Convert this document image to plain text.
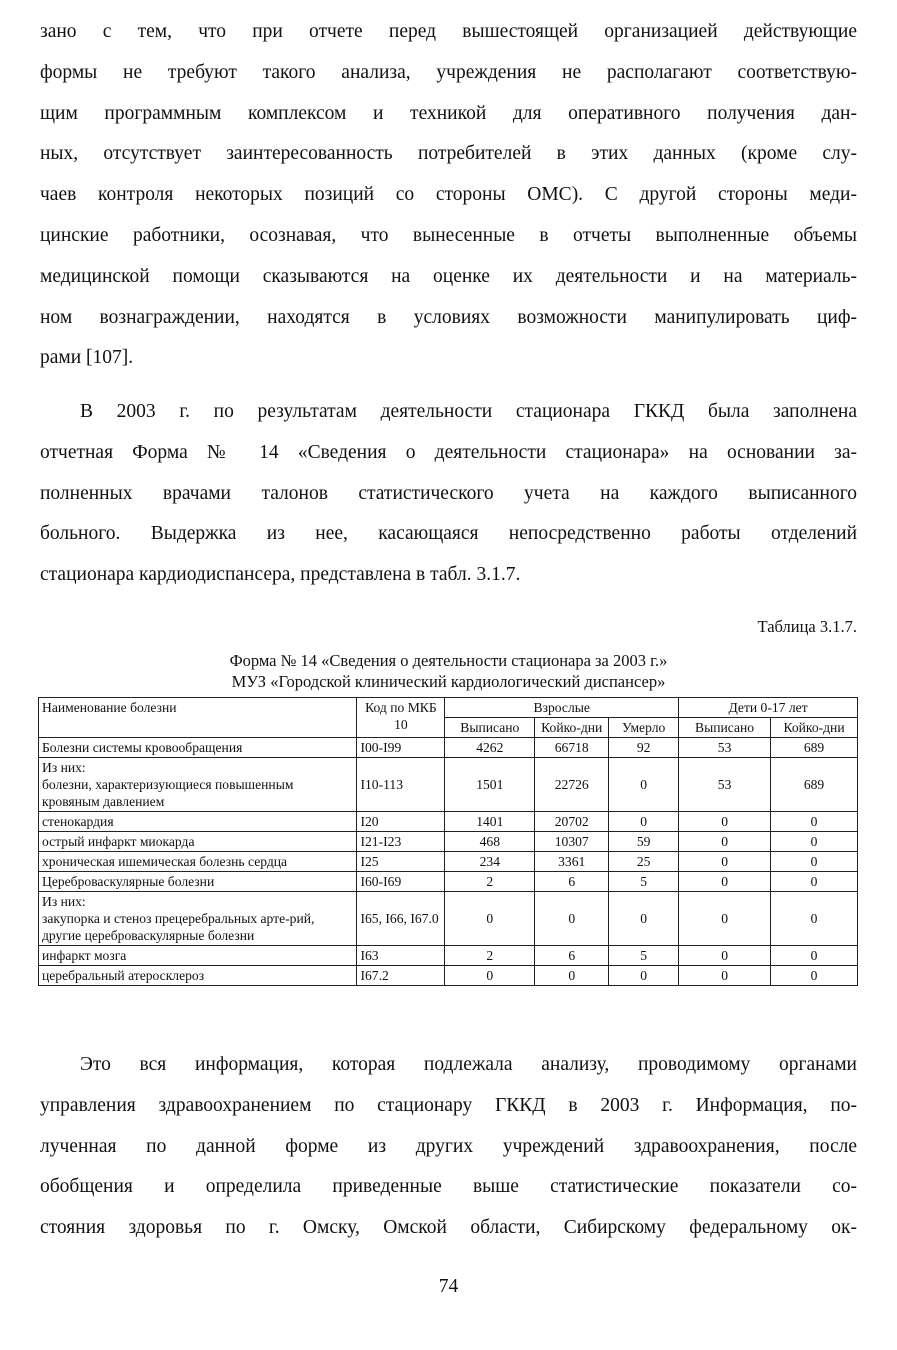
зано с тем, что при отчете перед вышестоящей организацией действующие
формы не требуют такого анализа, учреждения не располагают соответствую-
щим программным комплексом и техникой для оперативного получения дан-
ных, отсутствует заинтересованность потребителей в этих данных (кроме слу-
чаев контроля некоторых позиций со стороны ОМС). С другой стороны меди-
цинские работники, осознавая, что вынесенные в отчеты выполненные объемы
медицинской помощи сказываются на оценке их деятельности и на материаль-
ном вознаграждении, находятся в условиях возможности манипулировать циф-
рами [107].
В 2003 г. по результатам деятельности стационара ГККД была заполнена
отчетная Форма № 14 «Сведения о деятельности стационара» на основании за-
полненных врачами талонов статистического учета на каждого выписанного
больного. Выдержка из нее, касающаяся непосредственно работы отделений
стационара кардиодиспансера, представлена в табл. 3.1.7.
Таблица 3.1.7.
Форма № 14 «Сведения о деятельности стационара за 2003 г.»
МУЗ «Городской клинический кардиологический диспансер»
Наименование болезни	Код по МКБ 10	Взрослые			Дети 0-17 лет	
		Выписано	Койко-дни	Умерло	Выписано	Койко-дни
Болезни системы кровообращения	I00-I99	4262	66718	92	53	689
Из них:
болезни, характеризующиеся повышенным кровяным давлением	I10-113	1501	22726	0	53	689
стенокардия	I20	1401	20702	0	0	0
острый инфаркт миокарда	I21-I23	468	10307	59	0	0
хроническая ишемическая болезнь сердца	I25	234	3361	25	0	0
Цереброваскулярные болезни	I60-I69	2	6	5	0	0
Из них:
закупорка и стеноз прецеребральных арте-рий, другие цереброваскулярные болезни	I65, I66, I67.0	0	0	0	0	0
инфаркт мозга	I63	2	6	5	0	0
церебральный атеросклероз	I67.2	0	0	0	0	0
Это вся информация, которая подлежала анализу, проводимому органами
управления здравоохранением по стационару ГККД в 2003 г. Информация, по-
лученная по данной форме из других учреждений здравоохранения, после
обобщения и определила приведенные выше статистические показатели со-
стояния здоровья по г. Омску, Омской области, Сибирскому федеральному ок-
74
